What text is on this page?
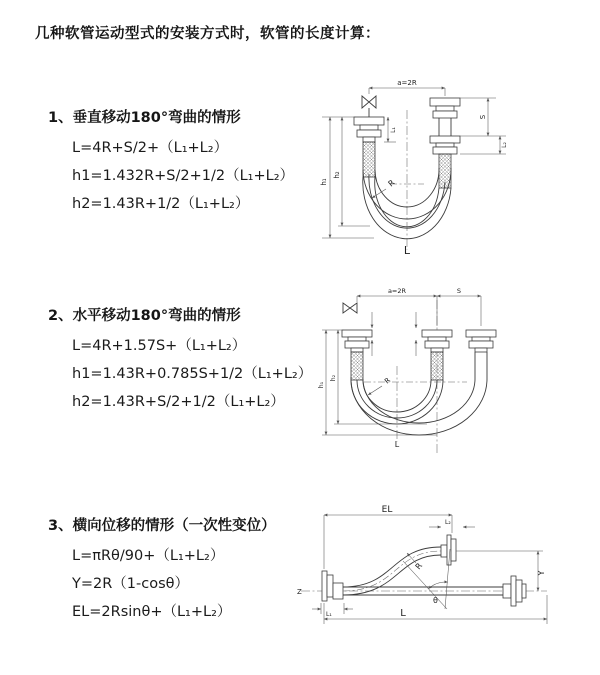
几种软管运动型式的安装方式时，软管的长度计算：
1、垂直移动180°弯曲的情形
L=4R+S/2+（L₁+L₂）
h1=1.432R+S/2+1/2（L₁+L₂）
h2=1.43R+1/2（L₁+L₂）
a=2R
h₁
h₂
L₁
S
L₂
R
L
2、水平移动180°弯曲的情形
L=4R+1.57S+（L₁+L₂）
h1=1.43R+0.785S+1/2（L₁+L₂）
h2=1.43R+S/2+1/2（L₁+L₂）
a=2R	S
h₁
h₂	R
L
3、横向位移的情形（一次性变位）
L=πRθ/90+（L₁+L₂）
Y=2R（1-cosθ）
EL=2Rsinθ+（L₁+L₂）
Z
EL
L₂
L₁
Y
L
θ
R
